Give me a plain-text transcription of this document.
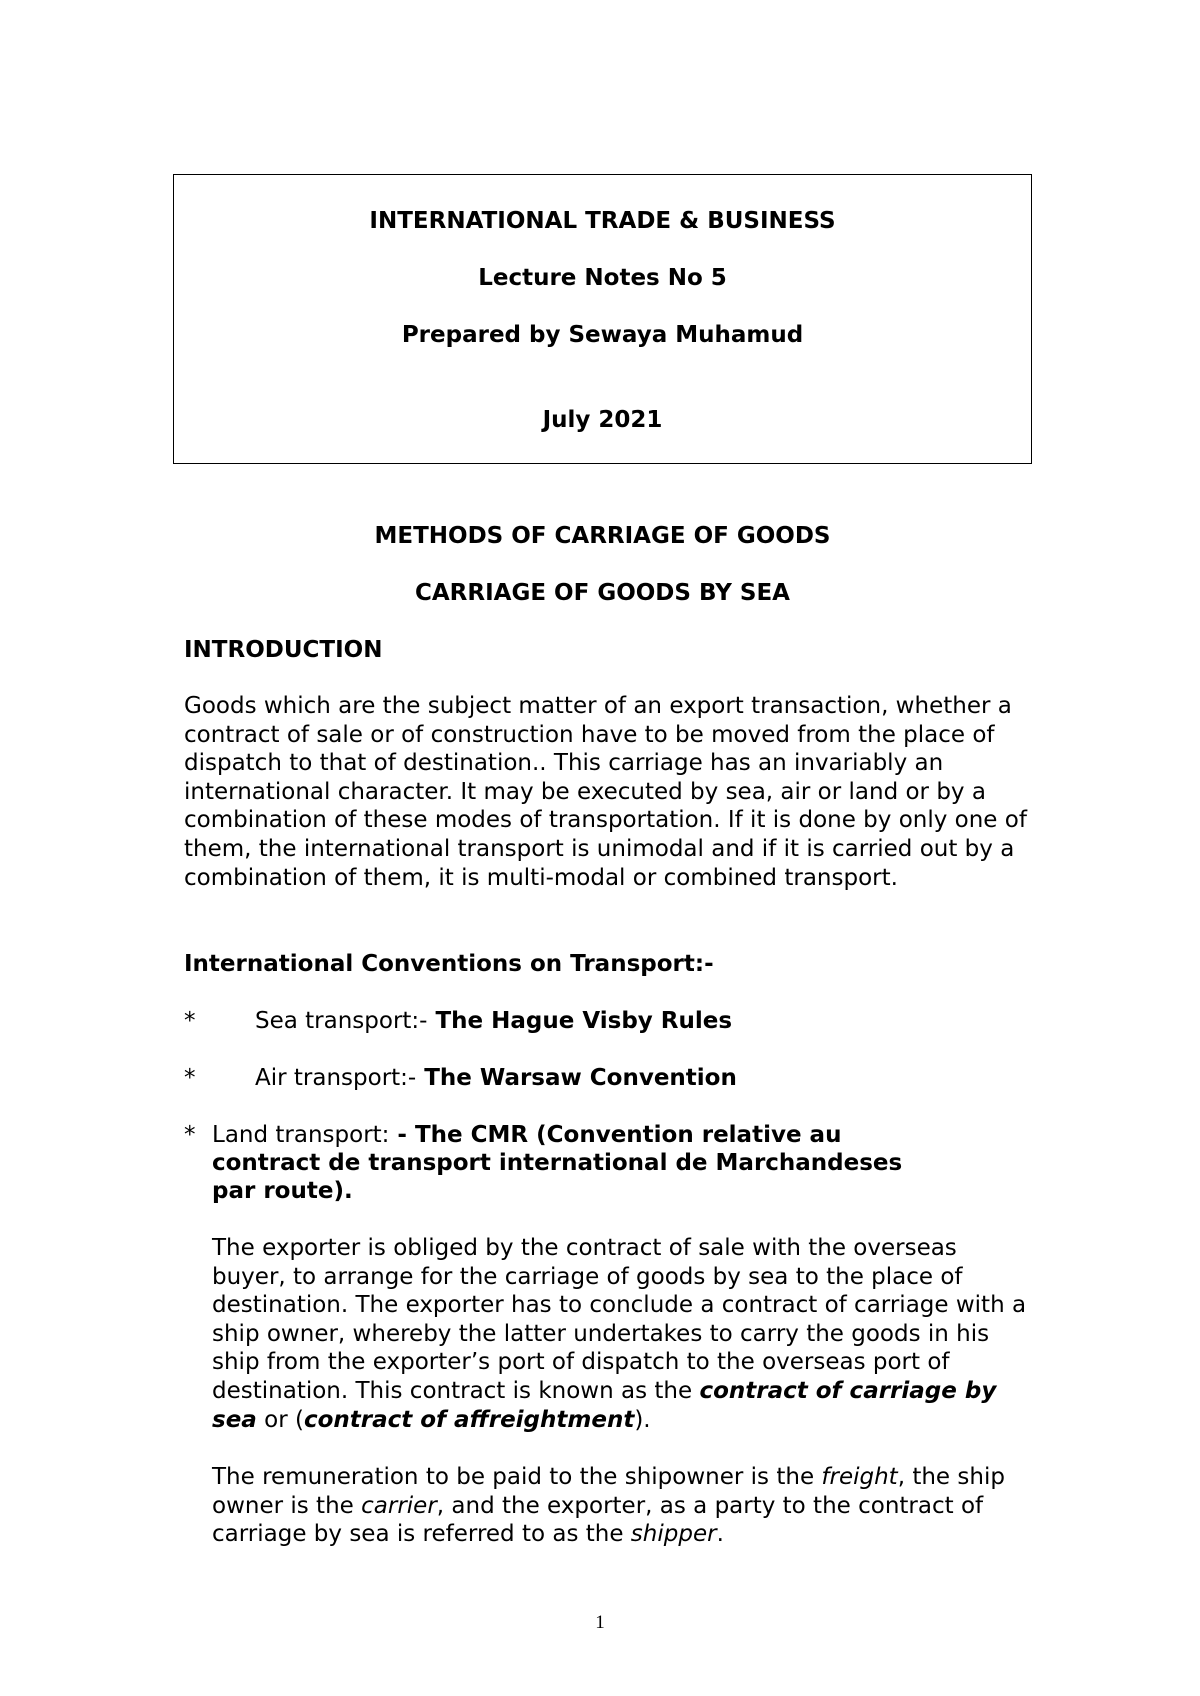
INTERNATIONAL TRADE & BUSINESS
Lecture Notes No 5
Prepared by Sewaya Muhamud
July 2021
METHODS OF CARRIAGE OF GOODS
CARRIAGE OF GOODS BY SEA
INTRODUCTION

Goods which are the subject matter of an export transaction, whether a contract of sale or of construction have to be moved from the place of dispatch to that of destination.. This carriage has an invariably an international character. It may be executed by sea, air or land or by a combination of these modes of transportation. If it is done by only one of them, the international transport is unimodal and if it is carried out by a combination of them, it is multi-modal or combined transport.

International Conventions on Transport:-
*	Sea transport:- The Hague Visby Rules
*	Air transport:- The Warsaw Convention
* Land transport: - The CMR (Convention relative au contract de transport international de Marchandeses par route).

The exporter is obliged by the contract of sale with the overseas buyer, to arrange for the carriage of goods by sea to the place of destination. The exporter has to conclude a contract of carriage with a ship owner, whereby the latter undertakes to carry the goods in his ship from the exporter’s port of dispatch to the overseas port of destination. This contract is known as the contract of carriage by sea or (contract of affreightment).

The remuneration to be paid to the shipowner is the freight, the ship owner is the carrier, and the exporter, as a party to the contract of carriage by sea is referred to as the shipper.

1
